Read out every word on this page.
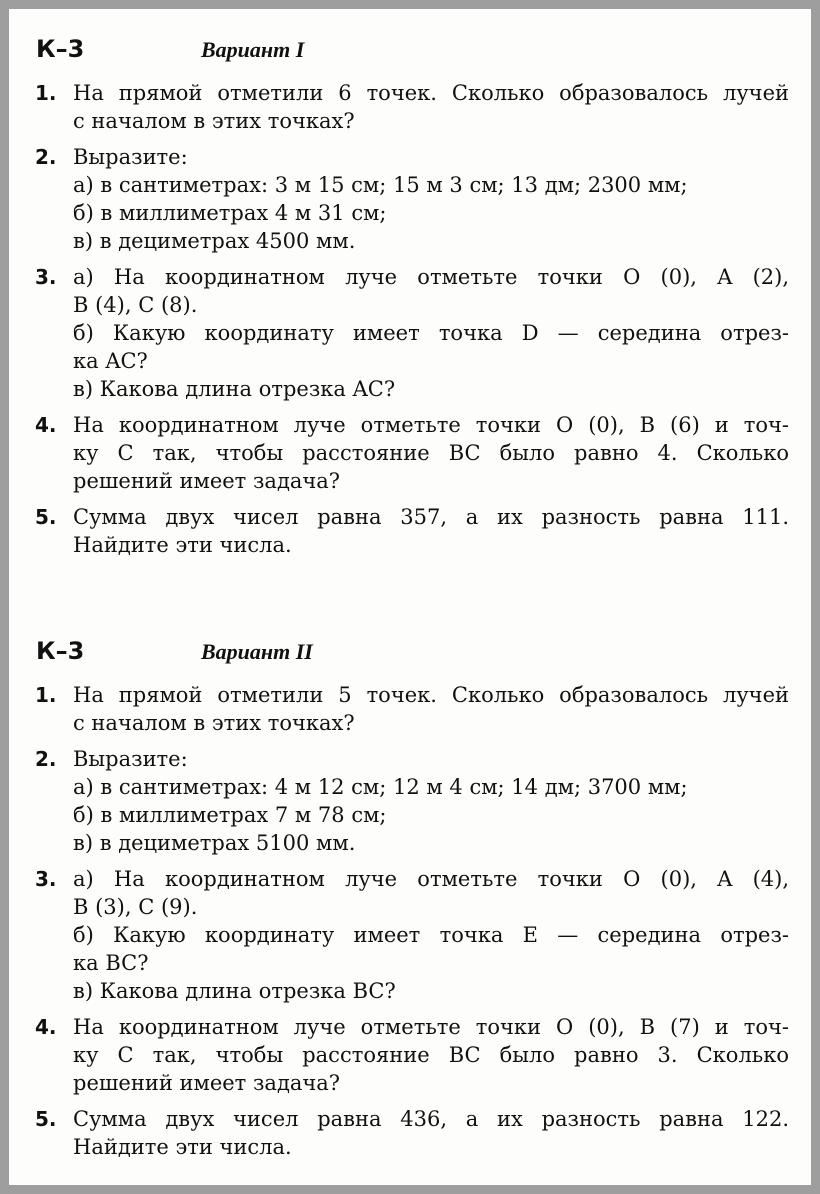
К–3	Вариант I
1. На прямой отметили 6 точек. Сколько образовалось лучей
с началом в этих точках?
2. Выразите:
а) в сантиметрах: 3 м 15 см; 15 м 3 см; 13 дм; 2300 мм;
б) в миллиметрах 4 м 31 см;
в) в дециметрах 4500 мм.
3. а) На координатном луче отметьте точки O (0), A (2),
B (4), C (8).
б) Какую координату имеет точка D — середина отрез-
ка AC?
в) Какова длина отрезка AC?
4. На координатном луче отметьте точки O (0), B (6) и точ-
ку C так, чтобы расстояние BC было равно 4. Сколько
решений имеет задача?
5. Сумма двух чисел равна 357, а их разность равна 111.
Найдите эти числа.
К–3	Вариант II
1. На прямой отметили 5 точек. Сколько образовалось лучей
с началом в этих точках?
2. Выразите:
а) в сантиметрах: 4 м 12 см; 12 м 4 см; 14 дм; 3700 мм;
б) в миллиметрах 7 м 78 см;
в) в дециметрах 5100 мм.
3. а) На координатном луче отметьте точки O (0), A (4),
B (3), C (9).
б) Какую координату имеет точка E — середина отрез-
ка BC?
в) Какова длина отрезка BC?
4. На координатном луче отметьте точки O (0), B (7) и точ-
ку C так, чтобы расстояние BC было равно 3. Сколько
решений имеет задача?
5. Сумма двух чисел равна 436, а их разность равна 122.
Найдите эти числа.
